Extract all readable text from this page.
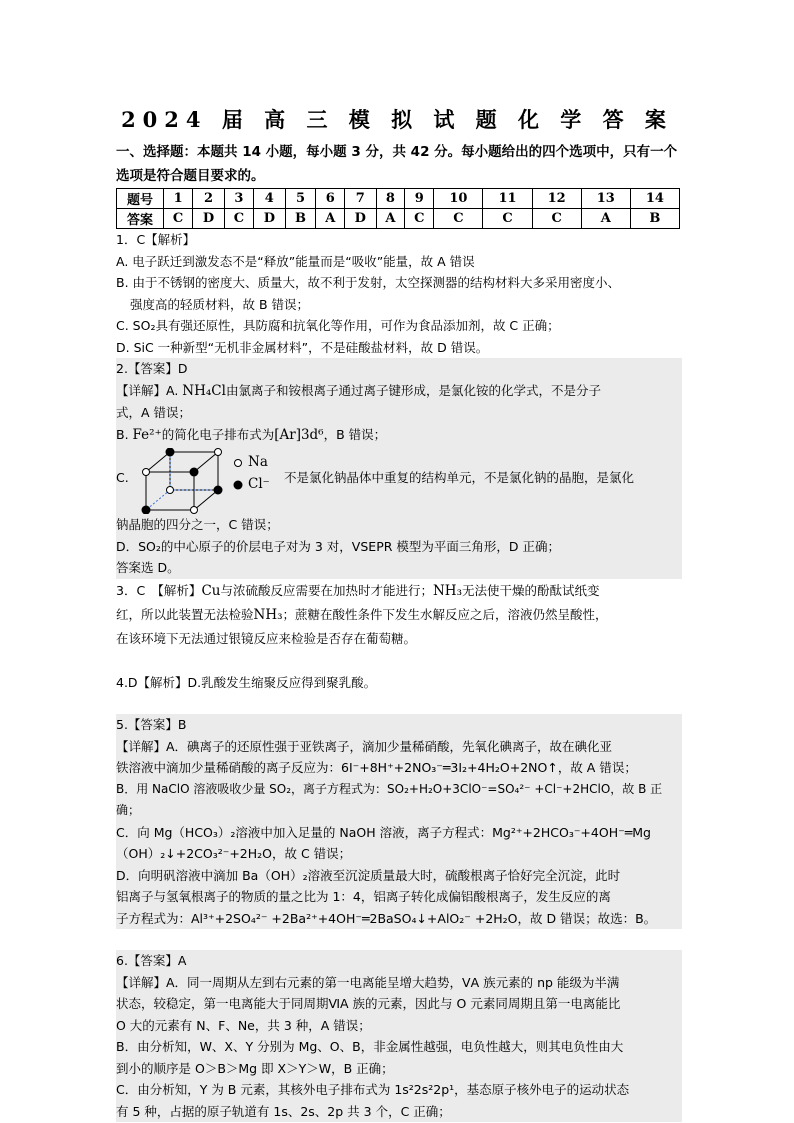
2024 届 高 三 模 拟 试 题 化 学 答 案
一、选择题：本题共 14 小题，每小题 3 分，共 42 分。每小题给出的四个选项中，只有一个选项是符合题目要求的。
题号	1	2	3	4	5	6	7	8	9	10	11	12	13	14
答案	C	D	C	D	B	A	D	A	C	C	C	C	A	B

1．C【解析】

A. 电子跃迁到激发态不是“释放”能量而是“吸收”能量，故 A 错误

B. 由于不锈钢的密度大、质量大，故不利于发射，太空探测器的结构材料大多采用密度小、

强度高的轻质材料，故 B 错误；

C. SO₂具有强还原性，具防腐和抗氧化等作用，可作为食品添加剂，故 C 正确；

D. SiC 一种新型“无机非金属材料”，不是硅酸盐材料，故 D 错误。

2.【答案】D

【详解】A. NH₄Cl由氯离子和铵根离子通过离子键形成，是氯化铵的化学式，不是分子

式，A 错误；

B. Fe²⁺的简化电子排布式为[Ar]3d⁶，B 错误；

C.
Na
Cl⁻ 不是氯化钠晶体中重复的结构单元，不是氯化钠的晶胞，是氯化

钠晶胞的四分之一，C 错误；

D．SO₂的中心原子的价层电子对为 3 对，VSEPR 模型为平面三角形，D 正确；

答案选 D。

3．C　【解析】Cu与浓硫酸反应需要在加热时才能进行；NH₃无法使干燥的酚酞试纸变

红，所以此装置无法检验NH₃；蔗糖在酸性条件下发生水解反应之后，溶液仍然呈酸性，

在该环境下无法通过银镜反应来检验是否存在葡萄糖。

4.D【解析】D.乳酸发生缩聚反应得到聚乳酸。

5.【答案】B

【详解】A．碘离子的还原性强于亚铁离子，滴加少量稀硝酸，先氧化碘离子，故在碘化亚

铁溶液中滴加少量稀硝酸的离子反应为：6I⁻+8H⁺+2NO₃⁻═3I₂+4H₂O+2NO↑，故 A 错误；

B．用 NaClO 溶液吸收少量 SO₂，离子方程式为：SO₂+H₂O+3ClO⁻=SO₄²⁻ +Cl⁻+2HClO，故 B 正确；

C．向 Mg（HCO₃）₂溶液中加入足量的 NaOH 溶液，离子方程式：Mg²⁺+2HCO₃⁻+4OH⁻═Mg

（OH）₂↓+2CO₃²⁻+2H₂O，故 C 错误；

D．向明矾溶液中滴加 Ba（OH）₂溶液至沉淀质量最大时，硫酸根离子恰好完全沉淀，此时

铝离子与氢氧根离子的物质的量之比为 1：4，铝离子转化成偏铝酸根离子，发生反应的离

子方程式为：Al³⁺+2SO₄²⁻ +2Ba²⁺+4OH⁻═2BaSO₄↓+AlO₂⁻ +2H₂O，故 D 错误；故选：B。

6.【答案】A

【详解】A．同一周期从左到右元素的第一电离能呈增大趋势，ⅤA 族元素的 np 能级为半满

状态，较稳定，第一电离能大于同周期ⅥA 族的元素，因此与 O 元素同周期且第一电离能比

O 大的元素有 N、F、Ne，共 3 种，A 错误；

B．由分析知，W、X、Y 分别为 Mg、O、B，非金属性越强，电负性越大，则其电负性由大

到小的顺序是 O＞B＞Mg 即 X＞Y＞W，B 正确；

C．由分析知，Y 为 B 元素，其核外电子排布式为 1s²2s²2p¹，基态原子核外电子的运动状态

有 5 种，占据的原子轨道有 1s、2s、2p 共 3 个，C 正确；
